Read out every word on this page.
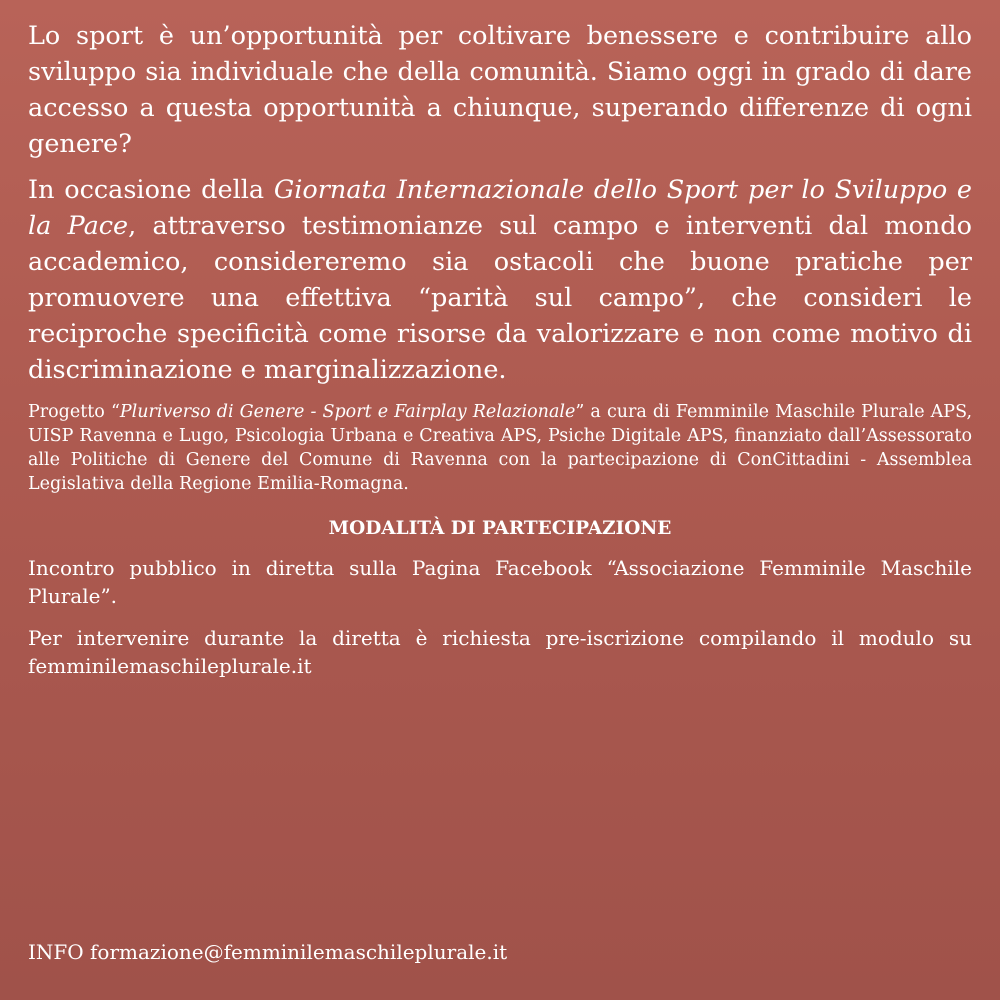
Lo sport è un’opportunità per coltivare benessere e contribuire allo sviluppo sia individuale che della comunità. Siamo oggi in grado di dare accesso a questa opportunità a chiunque, superando differenze di ogni genere?

In occasione della Giornata Internazionale dello Sport per lo Sviluppo e la Pace, attraverso testimonianze sul campo e interventi dal mondo accademico, considereremo sia ostacoli che buone pratiche per promuovere una effettiva “parità sul campo”, che consideri le reciproche specificità come risorse da valorizzare e non come motivo di discriminazione e marginalizzazione.

Progetto “Pluriverso di Genere - Sport e Fairplay Relazionale” a cura di Femminile Maschile Plurale APS, UISP Ravenna e Lugo, Psicologia Urbana e Creativa APS, Psiche Digitale APS, finanziato dall’Assessorato alle Politiche di Genere del Comune di Ravenna con la partecipazione di ConCittadini - Assemblea Legislativa della Regione Emilia-Romagna.

MODALITÀ DI PARTECIPAZIONE

Incontro pubblico in diretta sulla Pagina Facebook “Associazione Femminile Maschile Plurale”.

Per intervenire durante la diretta è richiesta pre-iscrizione compilando il modulo su femminilemaschileplurale.it

INFO formazione@femminilemaschileplurale.it
